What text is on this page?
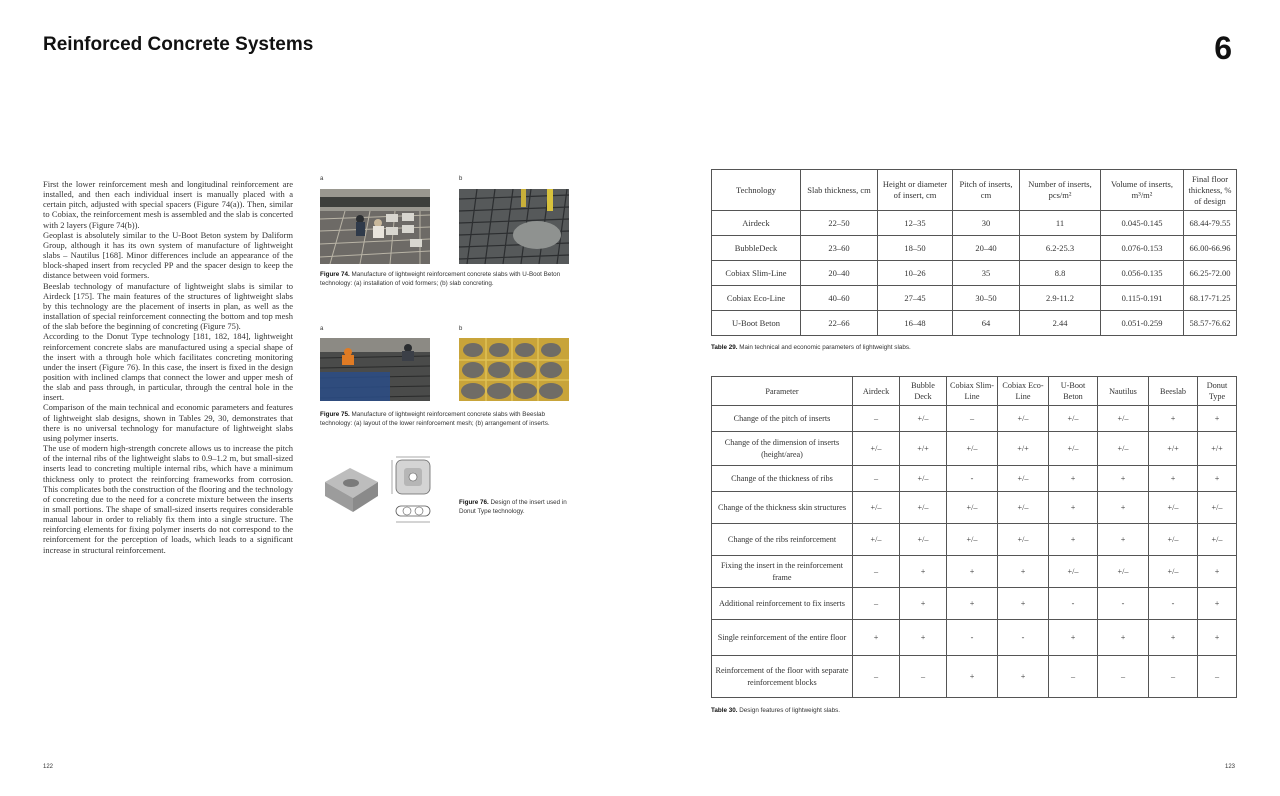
Reinforced Concrete Systems	6

First the lower reinforcement mesh and longitudinal reinforcement are installed, and then each individual insert is manually placed with a certain pitch, adjusted with special spacers (Figure 74(a)). Then, similar to Cobiax, the reinforcement mesh is assembled and the slab is concerted with 2 layers (Figure 74(b)).

Geoplast is absolutely similar to the U-Boot Beton system by Daliform Group, although it has its own system of manufacture of lightweight slabs – Nautilus [168]. Minor differences include an appearance of the block-shaped insert from recycled PP and the spacer design to keep the distance between void formers.

Beeslab technology of manufacture of lightweight slabs is similar to Airdeck [175]. The main features of the structures of lightweight slabs by this technology are the placement of inserts in plan, as well as the installation of special reinforcement connecting the bottom and top mesh of the slab before the beginning of concreting (Figure 75).

According to the Donut Type technology [181, 182, 184], lightweight reinforcement concrete slabs are manufactured using a special shape of the insert with a through hole which facilitates concreting monitoring under the insert (Figure 76). In this case, the insert is fixed in the design position with inclined clamps that connect the lower and upper mesh of the slab and pass through, in particular, through the central hole in the insert.

Comparison of the main technical and economic parameters and features of lightweight slab designs, shown in Tables 29, 30, demonstrates that there is no universal technology for manufacture of lightweight slabs using polymer inserts.

The use of modern high-strength concrete allows us to increase the pitch of the internal ribs of the lightweight slabs to 0.9–1.2 m, but small-sized inserts lead to concreting multiple internal ribs, which have a minimum thickness only to protect the reinforcing frameworks from corrosion. This complicates both the construction of the flooring and the technology of concreting due to the need for a concrete mixture between the inserts in small portions. The shape of small-sized inserts requires considerable manual labour in order to reliably fix them into a single structure. The reinforcing elements for fixing polymer inserts do not correspond to the reinforcement for the perception of loads, which leads to a significant increase in structural reinforcement.

a	b
Figure 74. Manufacture of lightweight reinforcement concrete slabs with U-Boot Beton technology: (a) installation of void formers; (b) slab concreting.
a	b
Figure 75. Manufacture of lightweight reinforcement concrete slabs with Beeslab technology: (a) layout of the lower reinforcement mesh; (b) arrangement of inserts.
Figure 76. Design of the insert used in Donut Type technology.
Technology	Slab thickness, cm	Height or diameter of insert, cm	Pitch of inserts, cm	Number of inserts, pcs/m²	Volume of inserts, m³/m²	Final floor thickness, % of design
Airdeck	22–50	12–35	30	11	0.045-0.145	68.44-79.55
BubbleDeck	23–60	18–50	20–40	6.2-25.3	0.076-0.153	66.00-66.96
Cobiax Slim-Line	20–40	10–26	35	8.8	0.056-0.135	66.25-72.00
Cobiax Eco-Line	40–60	27–45	30–50	2.9-11.2	0.115-0.191	68.17-71.25
U-Boot Beton	22–66	16–48	64	2.44	0.051-0.259	58.57-76.62
Table 29. Main technical and economic parameters of lightweight slabs.
Parameter	Airdeck	Bubble Deck	Cobiax Slim-Line	Cobiax Eco-Line	U-Boot Beton	Nautilus	Beeslab	Donut Type
Change of the pitch of inserts	–	+/–	–	+/–	+/–	+/–	+	+
Change of the dimension of inserts (height/area)	+/–	+/+	+/–	+/+	+/–	+/–	+/+	+/+
Change of the thickness of ribs	–	+/–	-	+/–	+	+	+	+
Change of the thickness skin structures	+/–	+/–	+/–	+/–	+	+	+/–	+/–
Change of the ribs reinforcement	+/–	+/–	+/–	+/–	+	+	+/–	+/–
Fixing the insert in the reinforcement frame	–	+	+	+	+/–	+/–	+/–	+
Additional reinforcement to fix inserts	–	+	+	+	-	-	-	+
Single reinforcement of the entire floor	+	+	-	-	+	+	+	+
Reinforcement of the floor with separate reinforcement blocks	–	–	+	+	–	–	–	–
Table 30. Design features of lightweight slabs.
122	123
